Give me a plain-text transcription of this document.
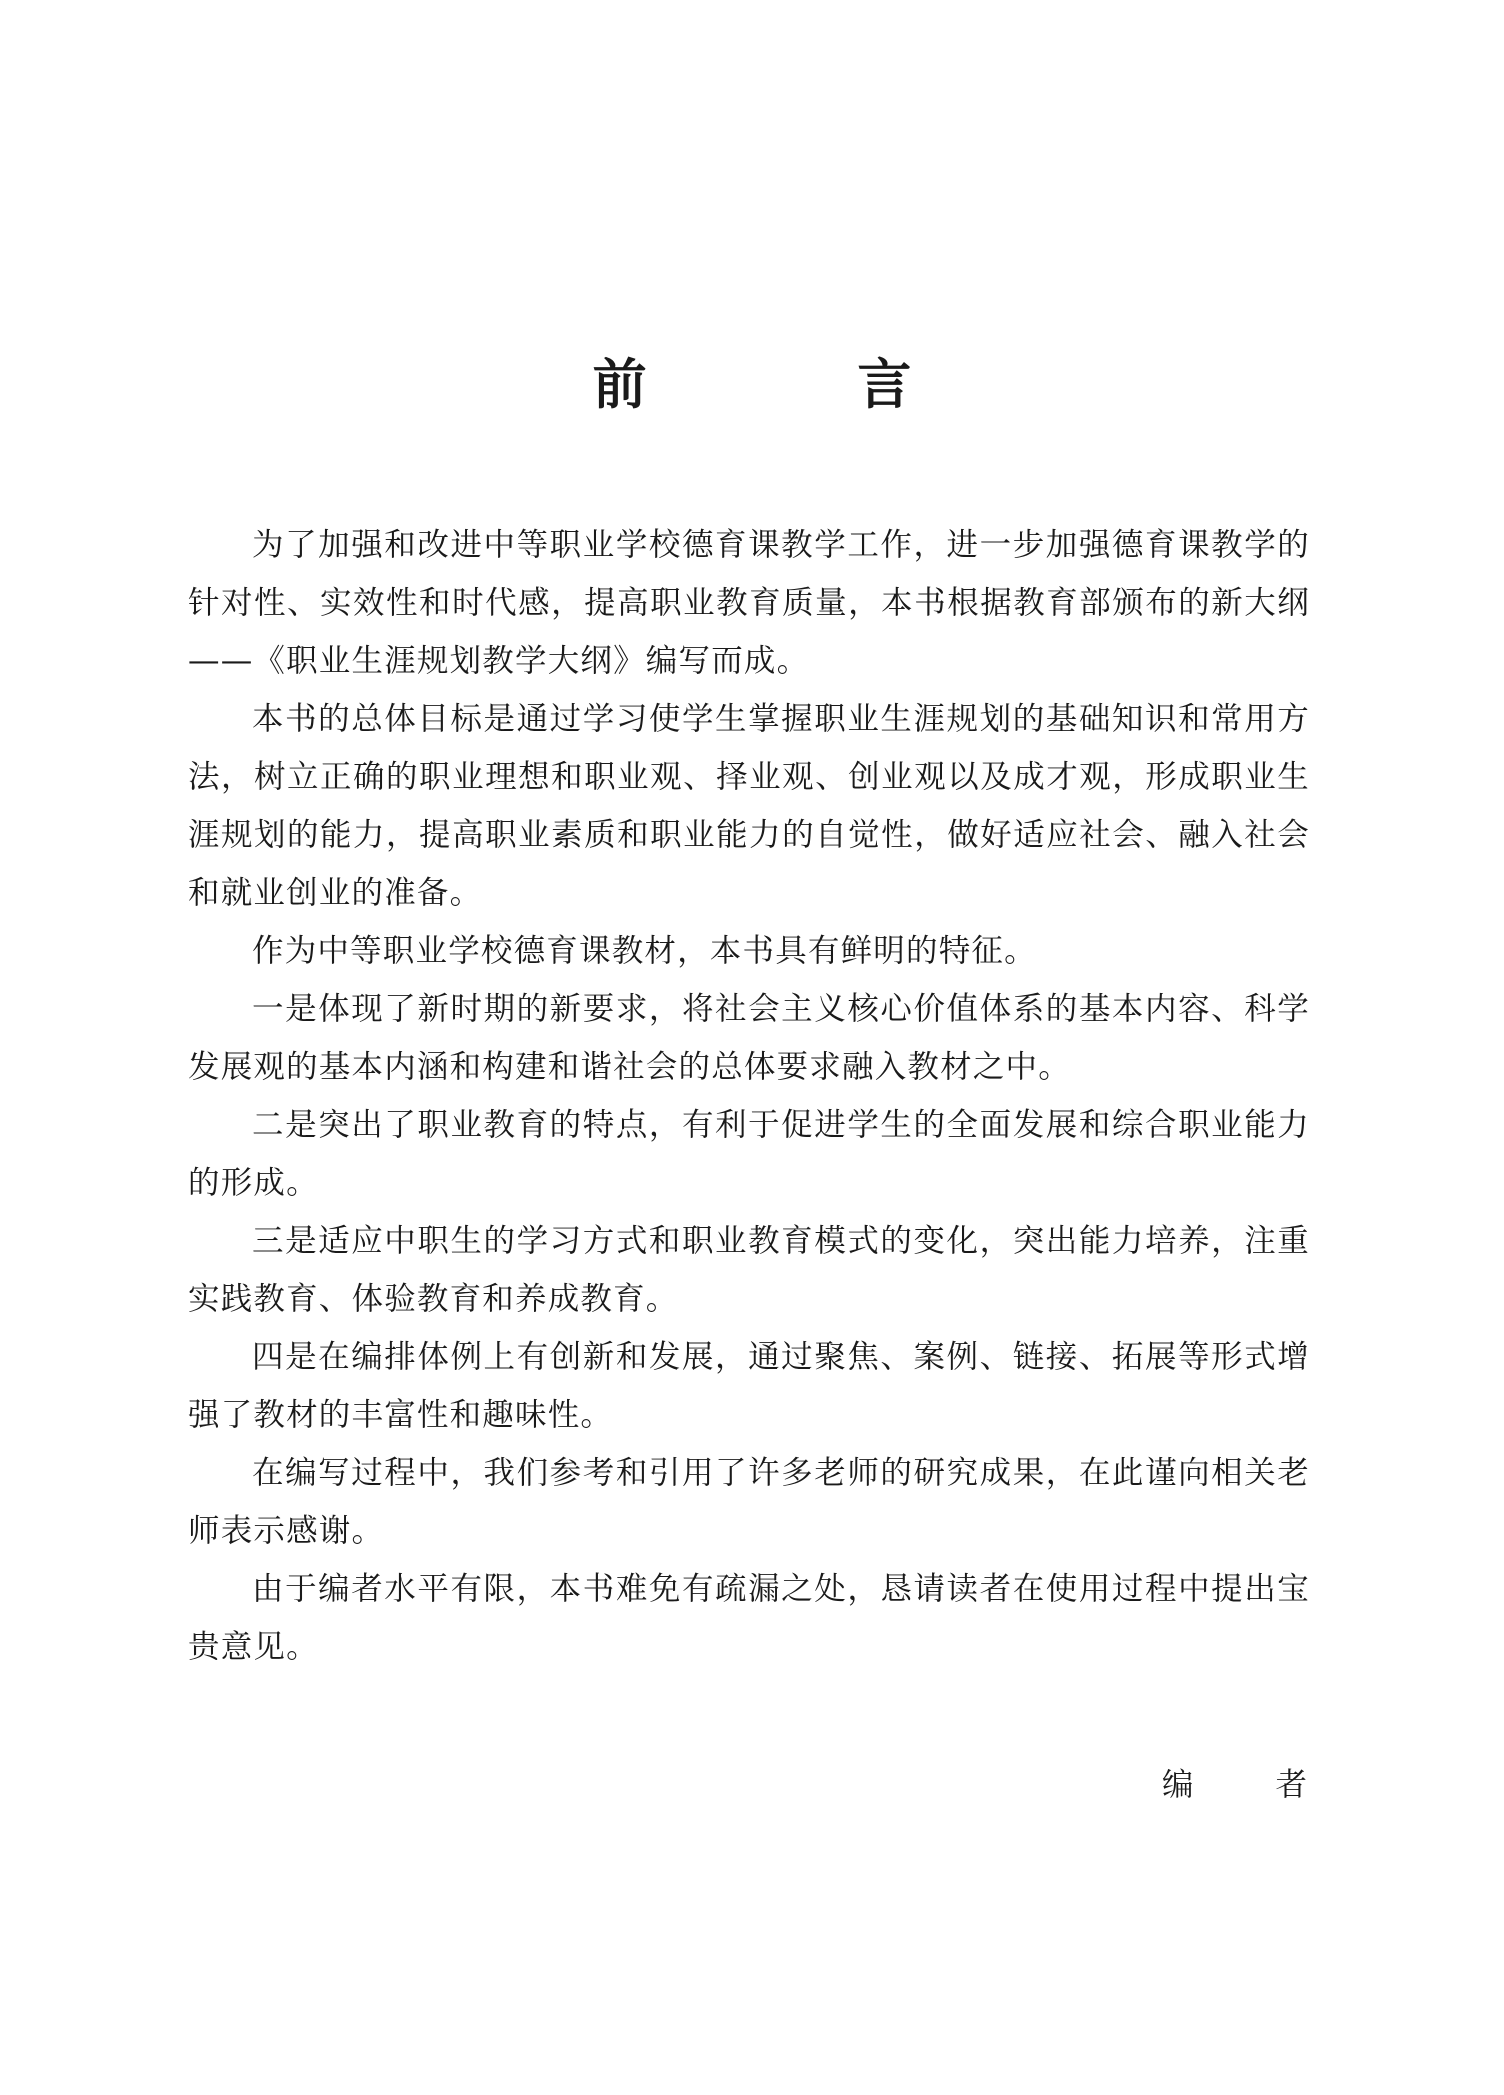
前 言

为了加强和改进中等职业学校德育课教学工作，进一步加强德育课教学的针对性、实效性和时代感，提高职业教育质量，本书根据教育部颁布的新大纲——《职业生涯规划教学大纲》编写而成。

本书的总体目标是通过学习使学生掌握职业生涯规划的基础知识和常用方法，树立正确的职业理想和职业观、择业观、创业观以及成才观，形成职业生涯规划的能力，提高职业素质和职业能力的自觉性，做好适应社会、融入社会和就业创业的准备。

作为中等职业学校德育课教材，本书具有鲜明的特征。

一是体现了新时期的新要求，将社会主义核心价值体系的基本内容、科学发展观的基本内涵和构建和谐社会的总体要求融入教材之中。

二是突出了职业教育的特点，有利于促进学生的全面发展和综合职业能力的形成。

三是适应中职生的学习方式和职业教育模式的变化，突出能力培养，注重实践教育、体验教育和养成教育。

四是在编排体例上有创新和发展，通过聚焦、案例、链接、拓展等形式增强了教材的丰富性和趣味性。

在编写过程中，我们参考和引用了许多老师的研究成果，在此谨向相关老师表示感谢。

由于编者水平有限，本书难免有疏漏之处，恳请读者在使用过程中提出宝贵意见。

编 者
